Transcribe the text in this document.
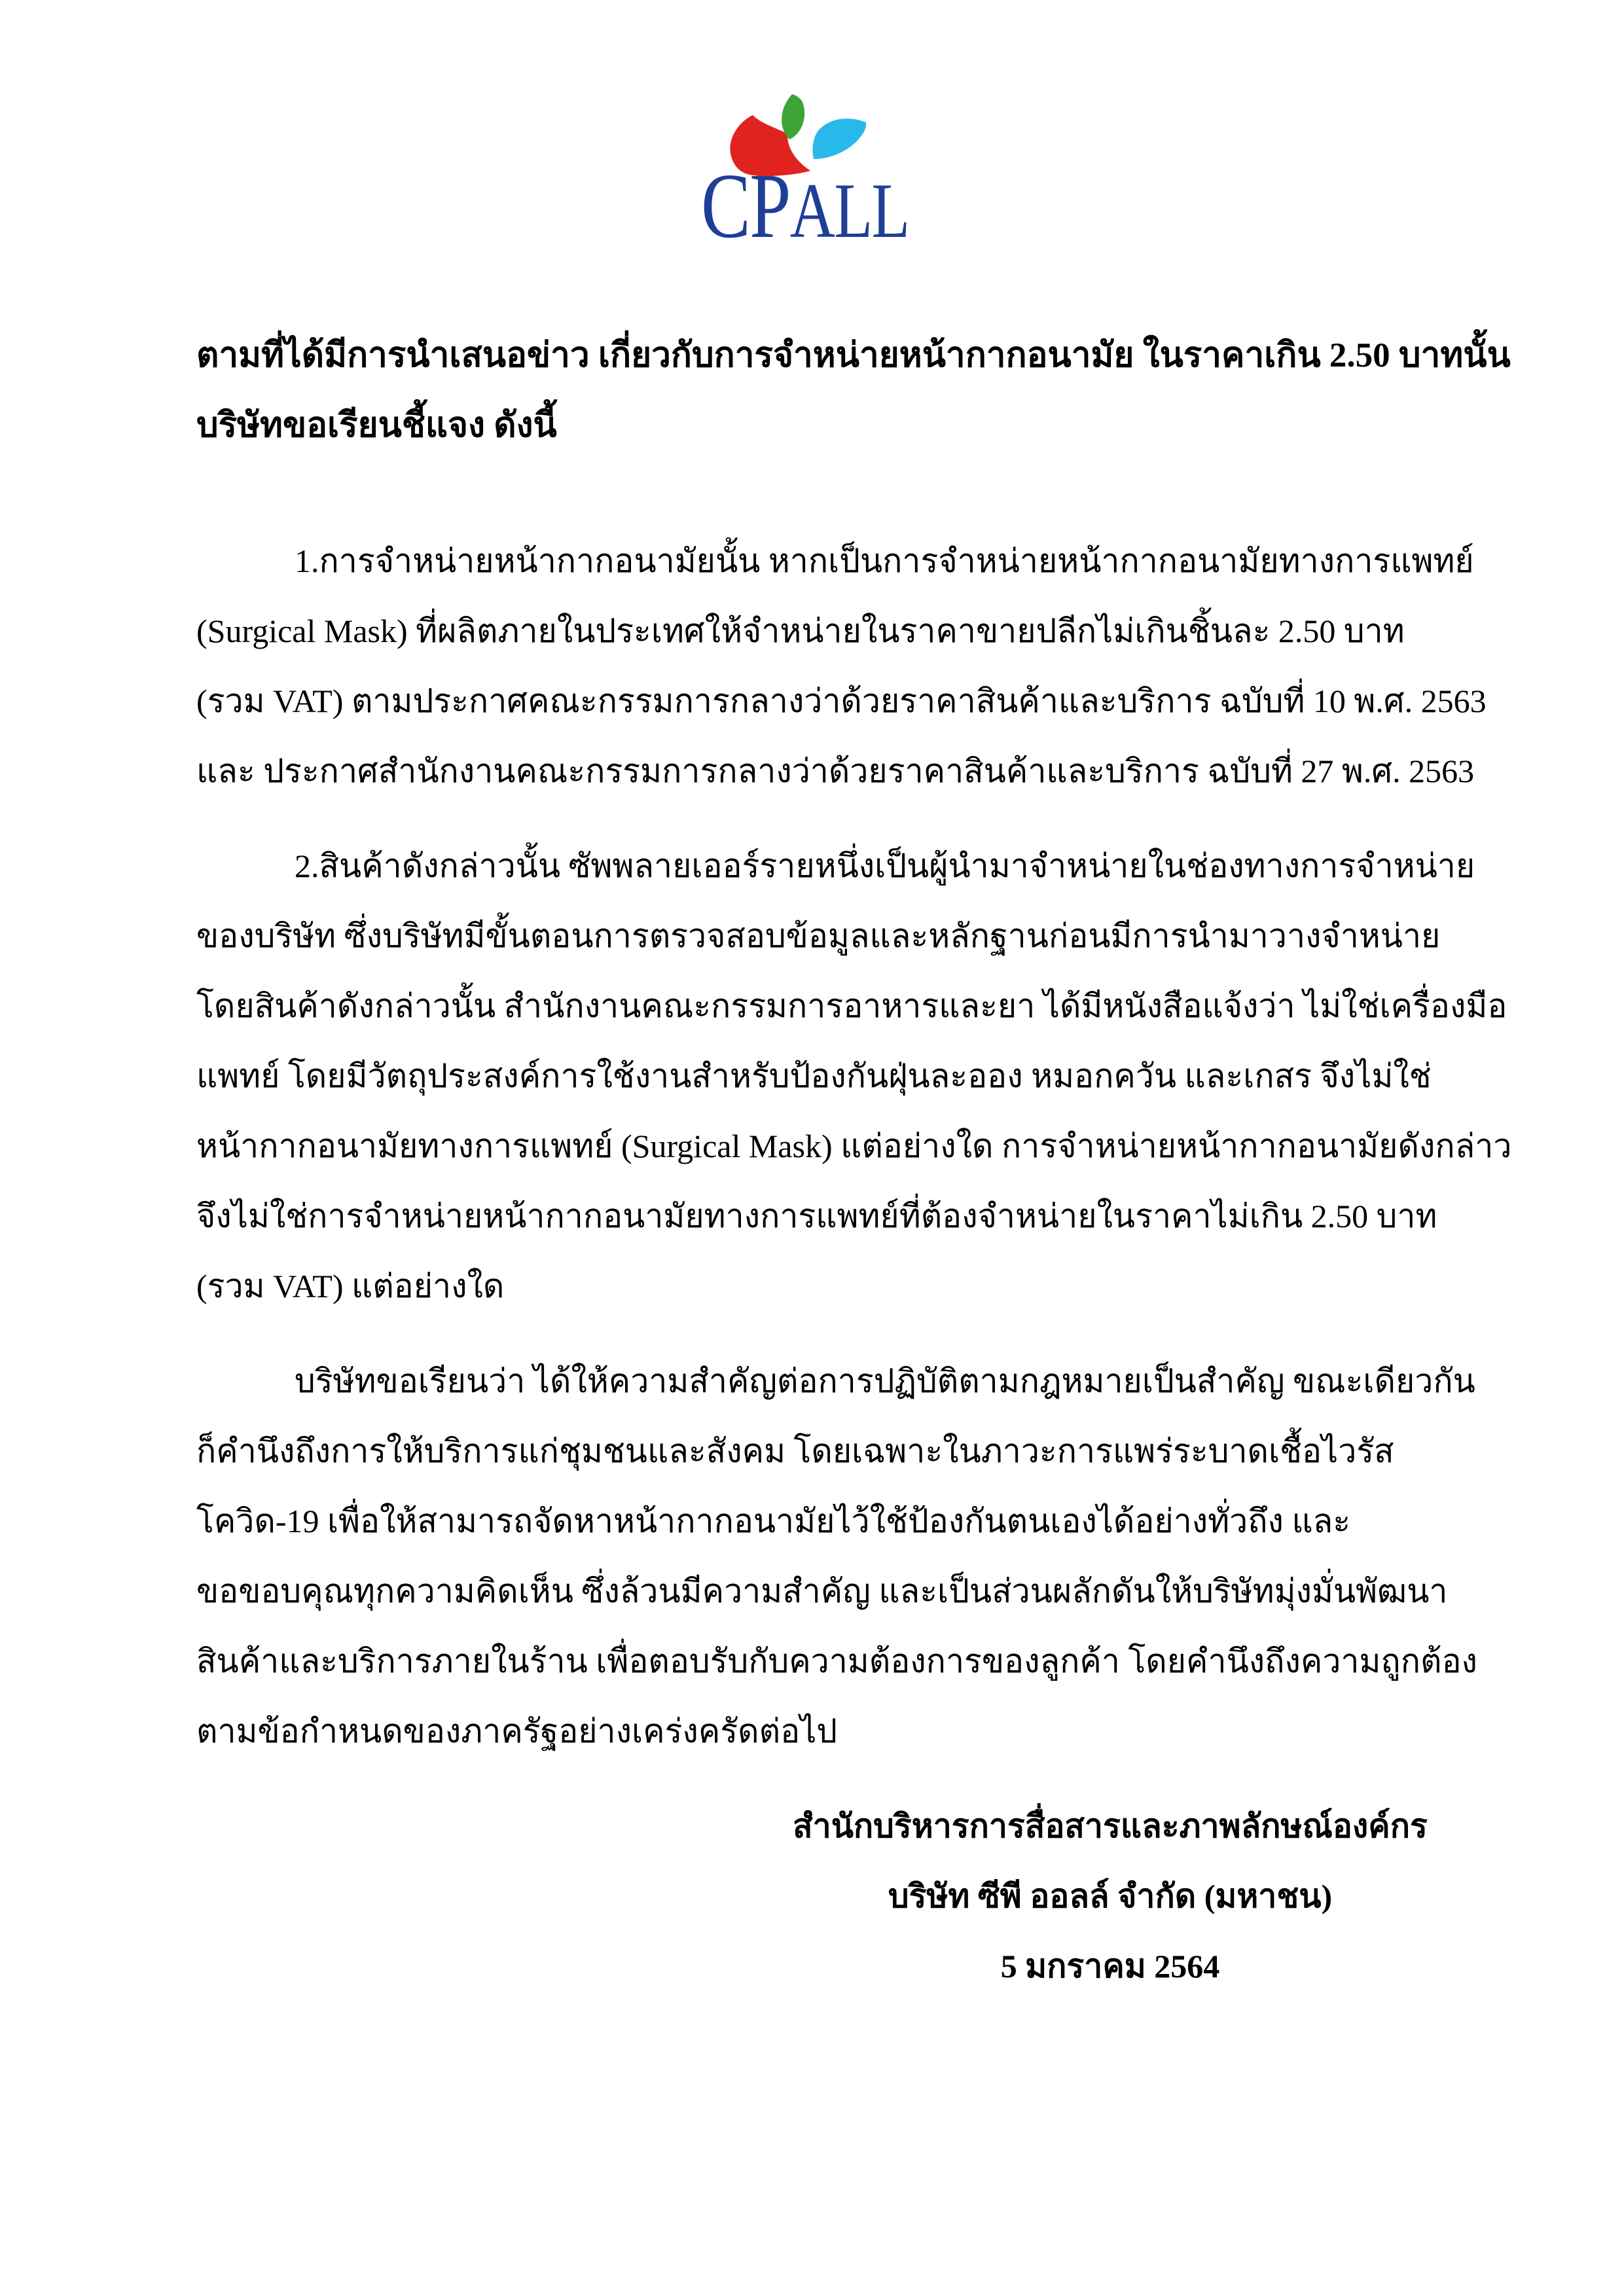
CPALL
ตามที่ได้มีการนำเสนอข่าว เกี่ยวกับการจำหน่ายหน้ากากอนามัย ในราคาเกิน 2.50 บาทนั้น
บริษัทขอเรียนชี้แจง ดังนี้
1.การจำหน่ายหน้ากากอนามัยนั้น หากเป็นการจำหน่ายหน้ากากอนามัยทางการแพทย์
(Surgical Mask) ที่ผลิตภายในประเทศให้จำหน่ายในราคาขายปลีกไม่เกินชิ้นละ 2.50 บาท
(รวม VAT) ตามประกาศคณะกรรมการกลางว่าด้วยราคาสินค้าและบริการ ฉบับที่ 10 พ.ศ. 2563
และ ประกาศสำนักงานคณะกรรมการกลางว่าด้วยราคาสินค้าและบริการ ฉบับที่ 27 พ.ศ. 2563
2.สินค้าดังกล่าวนั้น ซัพพลายเออร์รายหนึ่งเป็นผู้นำมาจำหน่ายในช่องทางการจำหน่าย
ของบริษัท ซึ่งบริษัทมีขั้นตอนการตรวจสอบข้อมูลและหลักฐานก่อนมีการนำมาวางจำหน่าย
โดยสินค้าดังกล่าวนั้น สำนักงานคณะกรรมการอาหารและยา ได้มีหนังสือแจ้งว่า ไม่ใช่เครื่องมือ
แพทย์ โดยมีวัตถุประสงค์การใช้งานสำหรับป้องกันฝุ่นละออง หมอกควัน และเกสร จึงไม่ใช่
หน้ากากอนามัยทางการแพทย์ (Surgical Mask) แต่อย่างใด การจำหน่ายหน้ากากอนามัยดังกล่าว
จึงไม่ใช่การจำหน่ายหน้ากากอนามัยทางการแพทย์ที่ต้องจำหน่ายในราคาไม่เกิน 2.50 บาท
(รวม VAT) แต่อย่างใด
บริษัทขอเรียนว่า ได้ให้ความสำคัญต่อการปฏิบัติตามกฎหมายเป็นสำคัญ ขณะเดียวกัน
ก็คำนึงถึงการให้บริการแก่ชุมชนและสังคม โดยเฉพาะในภาวะการแพร่ระบาดเชื้อไวรัส
โควิด-19 เพื่อให้สามารถจัดหาหน้ากากอนามัยไว้ใช้ป้องกันตนเองได้อย่างทั่วถึง และ
ขอขอบคุณทุกความคิดเห็น ซึ่งล้วนมีความสำคัญ และเป็นส่วนผลักดันให้บริษัทมุ่งมั่นพัฒนา
สินค้าและบริการภายในร้าน เพื่อตอบรับกับความต้องการของลูกค้า โดยคำนึงถึงความถูกต้อง
ตามข้อกำหนดของภาครัฐอย่างเคร่งครัดต่อไป
สำนักบริหารการสื่อสารและภาพลักษณ์องค์กร
บริษัท ซีพี ออลล์ จำกัด (มหาชน)
5 มกราคม 2564
